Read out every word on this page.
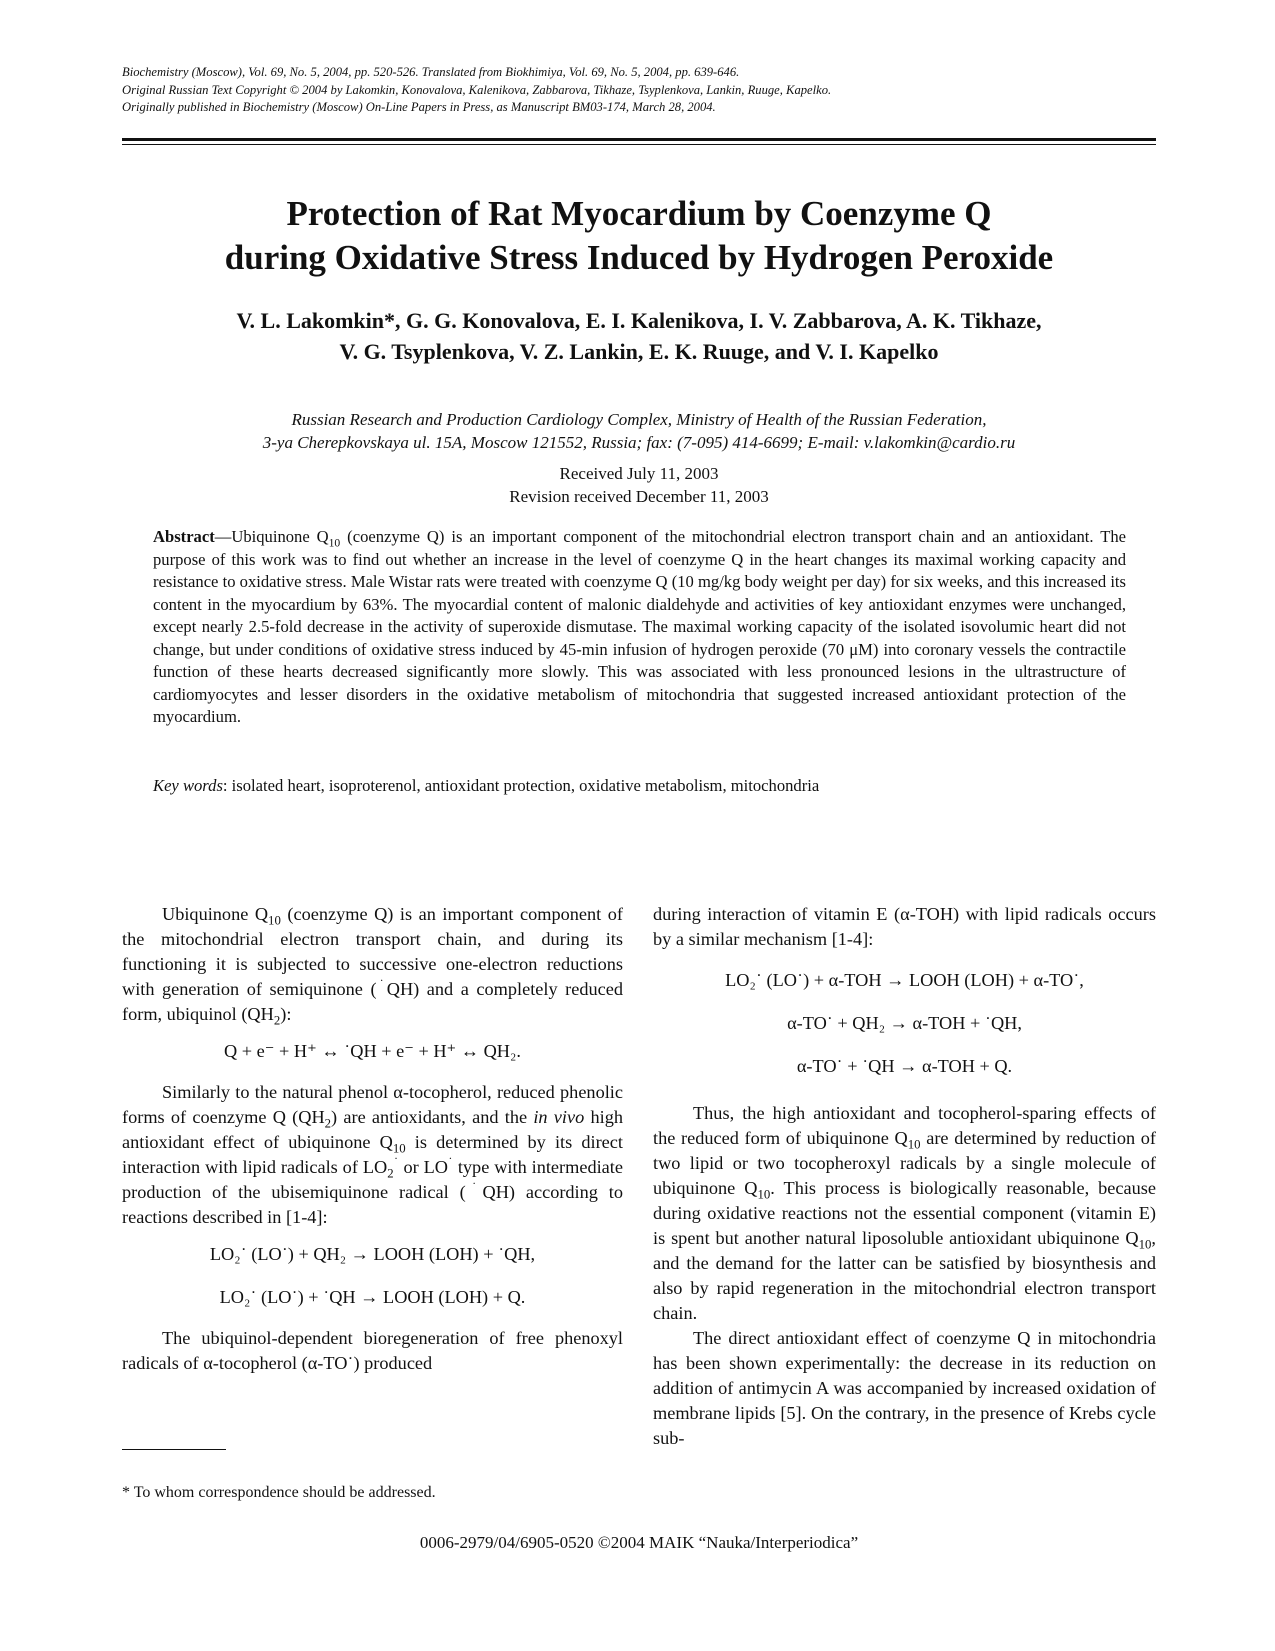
Biochemistry (Moscow), Vol. 69, No. 5, 2004, pp. 520-526. Translated from Biokhimiya, Vol. 69, No. 5, 2004, pp. 639-646.
Original Russian Text Copyright © 2004 by Lakomkin, Konovalova, Kalenikova, Zabbarova, Tikhaze, Tsyplenkova, Lankin, Ruuge, Kapelko.
Originally published in Biochemistry (Moscow) On-Line Papers in Press, as Manuscript BM03-174, March 28, 2004.
Protection of Rat Myocardium by Coenzyme Q
during Oxidative Stress Induced by Hydrogen Peroxide
V. L. Lakomkin*, G. G. Konovalova, E. I. Kalenikova, I. V. Zabbarova, A. K. Tikhaze,
V. G. Tsyplenkova, V. Z. Lankin, E. K. Ruuge, and V. I. Kapelko
Russian Research and Production Cardiology Complex, Ministry of Health of the Russian Federation,
3-ya Cherepkovskaya ul. 15A, Moscow 121552, Russia; fax: (7-095) 414-6699; E-mail: v.lakomkin@cardio.ru
Received July 11, 2003
Revision received December 11, 2003
Abstract—Ubiquinone $Q_{10}$ (coenzyme Q) is an important component of the mitochondrial electron transport chain and an antioxidant. The purpose of this work was to find out whether an increase in the level of coenzyme Q in the heart changes its maximal working capacity and resistance to oxidative stress. Male Wistar rats were treated with coenzyme Q (10 mg/kg body weight per day) for six weeks, and this increased its content in the myocardium by 63%. The myocardial content of malonic dialdehyde and activities of key antioxidant enzymes were unchanged, except nearly 2.5-fold decrease in the activity of superoxide dismutase. The maximal working capacity of the isolated isovolumic heart did not change, but under conditions of oxidative stress induced by 45-min infusion of hydrogen peroxide (70 μM) into coronary vessels the contractile function of these hearts decreased significantly more slowly. This was associated with less pronounced lesions in the ultrastructure of cardiomyocytes and lesser disorders in the oxidative metabolism of mitochondria that suggested increased antioxidant protection of the myocardium.
Key words: isolated heart, isoproterenol, antioxidant protection, oxidative metabolism, mitochondria

Ubiquinone $Q_{10}$ (coenzyme Q) is an important component of the mitochondrial electron transport chain, and during its functioning it is subjected to successive one-electron reductions with generation of semiquinone (˙QH) and a completely reduced form, ubiquinol $(QH_2)$:

Q + e⁻ + H⁺ ↔ ˙QH + e⁻ + H⁺ ↔ QH₂.

Similarly to the natural phenol α-tocopherol, reduced phenolic forms of coenzyme Q $(QH_2)$ are antioxidants, and the in vivo high antioxidant effect of ubiquinone $Q_{10}$ is determined by its direct interaction with lipid radicals of $LO_2^˙$ or LO˙ type with intermediate production of the ubisemiquinone radical (˙QH) according to reactions described in [1-4]:

LO₂˙ (LO˙) + QH₂ → LOOH (LOH) + ˙QH,

LO₂˙ (LO˙) + ˙QH → LOOH (LOH) + Q.

The ubiquinol-dependent bioregeneration of free phenoxyl radicals of α-tocopherol (α-TO˙) produced

* To whom correspondence should be addressed.

during interaction of vitamin E (α-TOH) with lipid radicals occurs by a similar mechanism [1-4]:

LO₂˙ (LO˙) + α-TOH → LOOH (LOH) + α-TO˙,

α-TO˙ + QH₂ → α-TOH + ˙QH,

α-TO˙ + ˙QH → α-TOH + Q.

Thus, the high antioxidant and tocopherol-sparing effects of the reduced form of ubiquinone $Q_{10}$ are determined by reduction of two lipid or two tocopheroxyl radicals by a single molecule of ubiquinone $Q_{10}$. This process is biologically reasonable, because during oxidative reactions not the essential component (vitamin E) is spent but another natural liposoluble antioxidant ubiquinone $Q_{10}$, and the demand for the latter can be satisfied by biosynthesis and also by rapid regeneration in the mitochondrial electron transport chain.

The direct antioxidant effect of coenzyme Q in mitochondria has been shown experimentally: the decrease in its reduction on addition of antimycin A was accompanied by increased oxidation of membrane lipids [5]. On the contrary, in the presence of Krebs cycle sub-

0006-2979/04/6905-0520 ©2004 MAIK “Nauka/Interperiodica”
